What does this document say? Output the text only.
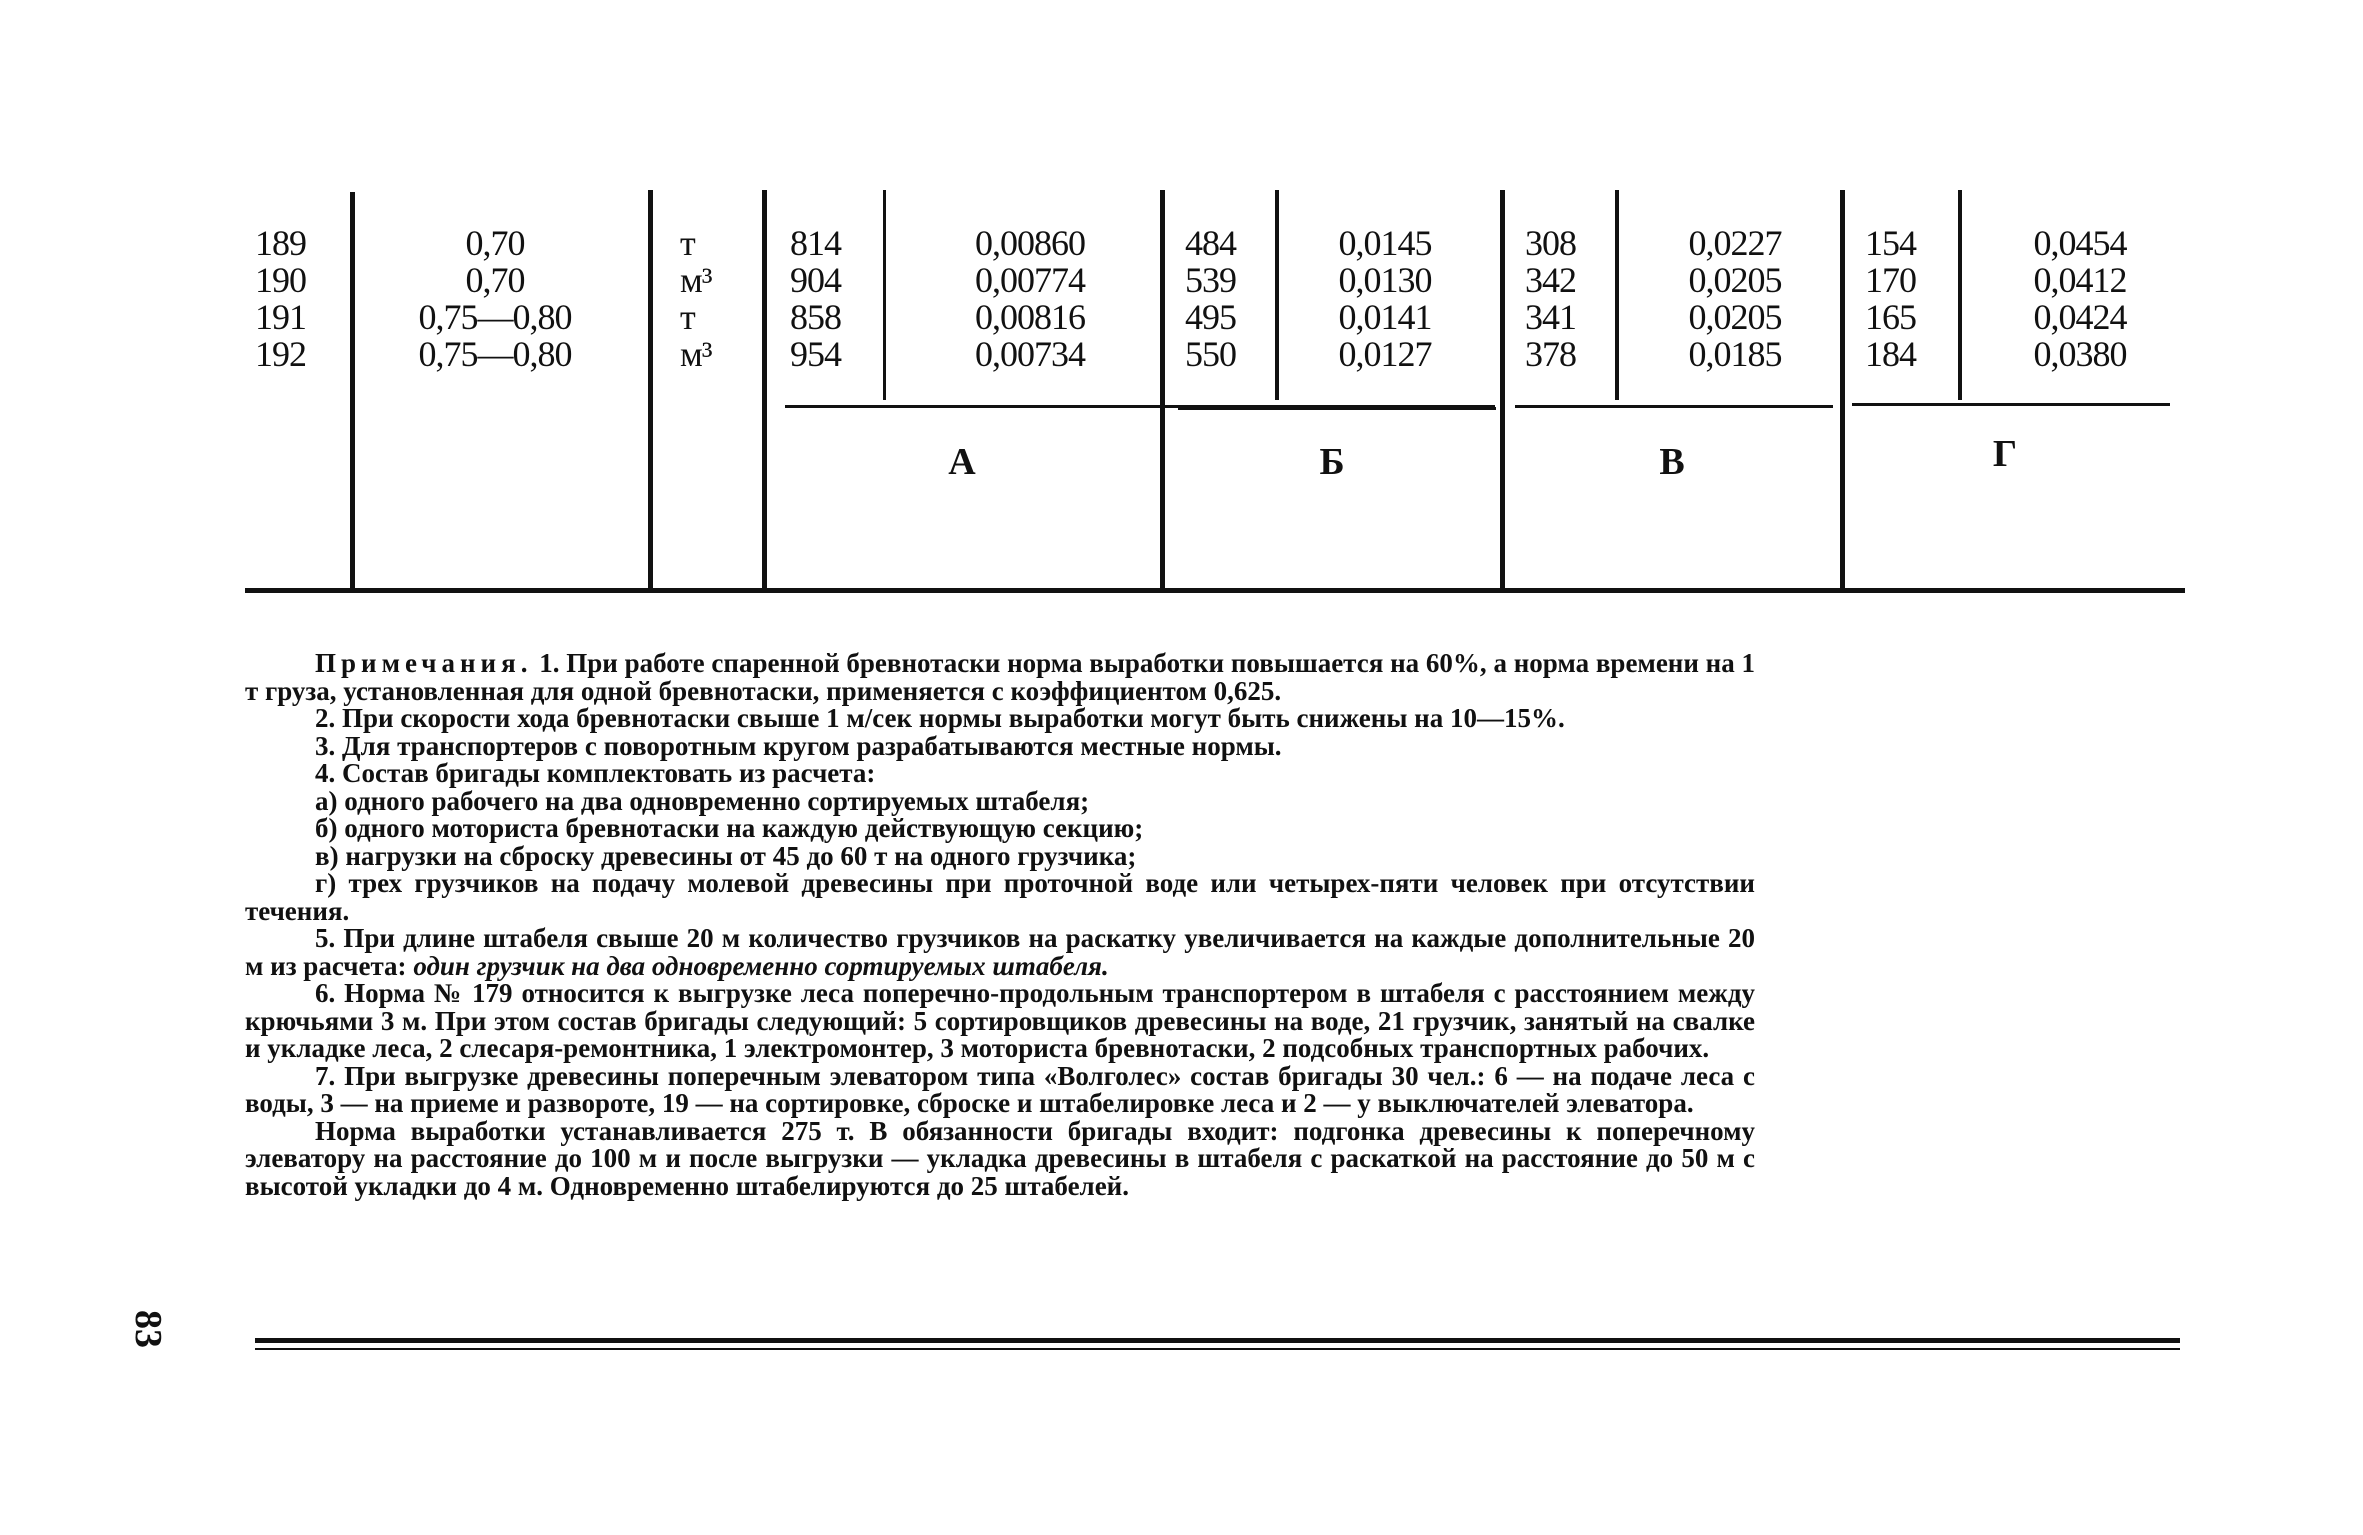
189	0,70	т	814	0,00860	484	0,0145	308	0,0227	154	0,0454
190	0,70	м³	904	0,00774	539	0,0130	342	0,0205	170	0,0412
191	0,75—0,80	т	858	0,00816	495	0,0141	341	0,0205	165	0,0424
192	0,75—0,80	м³	954	0,00734	550	0,0127	378	0,0185	184	0,0380
А	Б	В	Г

Примечания. 1. При работе спаренной бревнотаски норма выработки повышается на 60%, а норма времени на 1 т груза, установленная для одной бревнотаски, применяется с коэффициентом 0,625.

2. При скорости хода бревнотаски свыше 1 м/сек нормы выработки могут быть снижены на 10—15%.

3. Для транспортеров с поворотным кругом разрабатываются местные нормы.

4. Состав бригады комплектовать из расчета:

а) одного рабочего на два одновременно сортируемых штабеля;

б) одного моториста бревнотаски на каждую действующую секцию;

в) нагрузки на сброску древесины от 45 до 60 т на одного грузчика;

г) трех грузчиков на подачу молевой древесины при проточной воде или четырех-пяти человек при отсутствии течения.

5. При длине штабеля свыше 20 м количество грузчиков на раскатку увеличивается на каждые дополнительные 20 м из расчета: один грузчик на два одновременно сортируемых штабеля.

6. Норма № 179 относится к выгрузке леса поперечно-продольным транспортером в штабеля с расстоянием между крючьями 3 м. При этом состав бригады следующий: 5 сортировщиков древесины на воде, 21 грузчик, занятый на свалке и укладке леса, 2 слесаря-ремонтника, 1 электромонтер, 3 моториста бревнотаски, 2 подсобных транспортных рабочих.

7. При выгрузке древесины поперечным элеватором типа «Волголес» состав бригады 30 чел.: 6 — на подаче леса с воды, 3 — на приеме и развороте, 19 — на сортировке, сброске и штабелировке леса и 2 — у выключателей элеватора.

Норма выработки устанавливается 275 т. В обязанности бригады входит: подгонка древесины к поперечному элеватору на расстояние до 100 м и после выгрузки — укладка древесины в штабеля с раскаткой на расстояние до 50 м с высотой укладки до 4 м. Одновременно штабелируются до 25 штабелей.

83
